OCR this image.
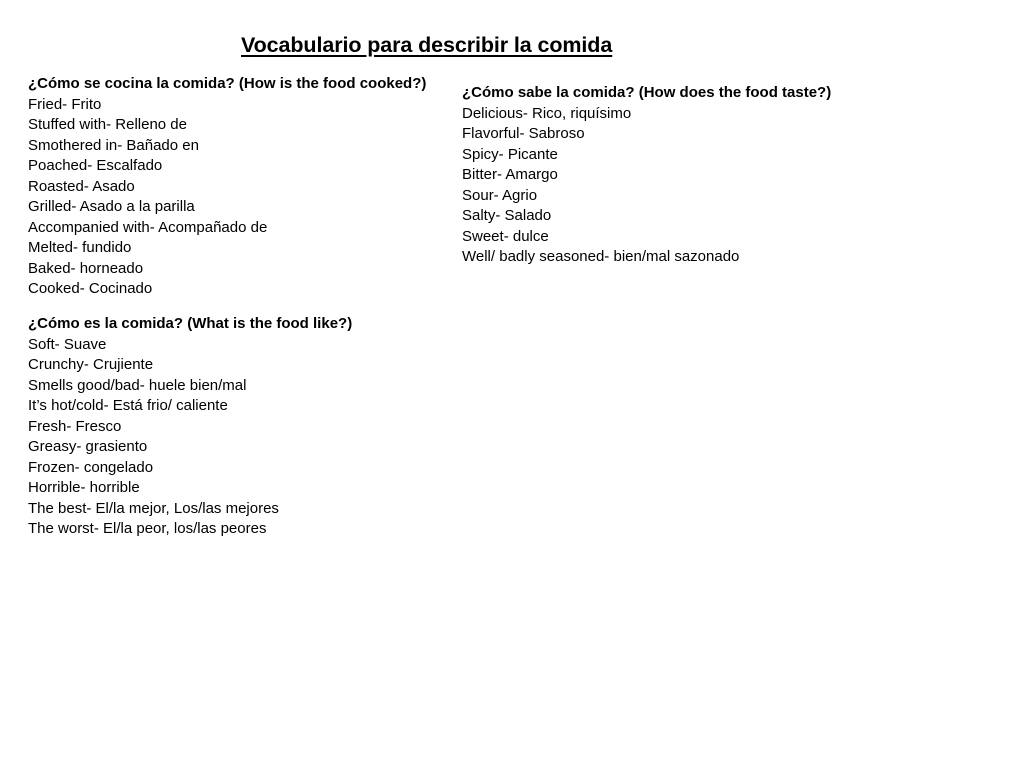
Vocabulario para describir la comida
¿Cómo se cocina la comida? (How is the food cooked?)
Fried- Frito
Stuffed with- Relleno de
Smothered in- Bañado en
Poached- Escalfado
Roasted- Asado
Grilled- Asado a la parilla
Accompanied with- Acompañado de
Melted- fundido
Baked- horneado
Cooked- Cocinado
¿Cómo sabe la comida? (How does the food taste?)
Delicious- Rico, riquísimo
Flavorful- Sabroso
Spicy- Picante
Bitter- Amargo
Sour- Agrio
Salty- Salado
Sweet- dulce
Well/ badly seasoned- bien/mal sazonado
¿Cómo es la comida? (What is the food like?)
Soft- Suave
Crunchy- Crujiente
Smells good/bad- huele bien/mal
It’s hot/cold- Está frio/ caliente
Fresh- Fresco
Greasy- grasiento
Frozen- congelado
Horrible- horrible
The best- El/la mejor, Los/las mejores
The worst- El/la peor, los/las peores
